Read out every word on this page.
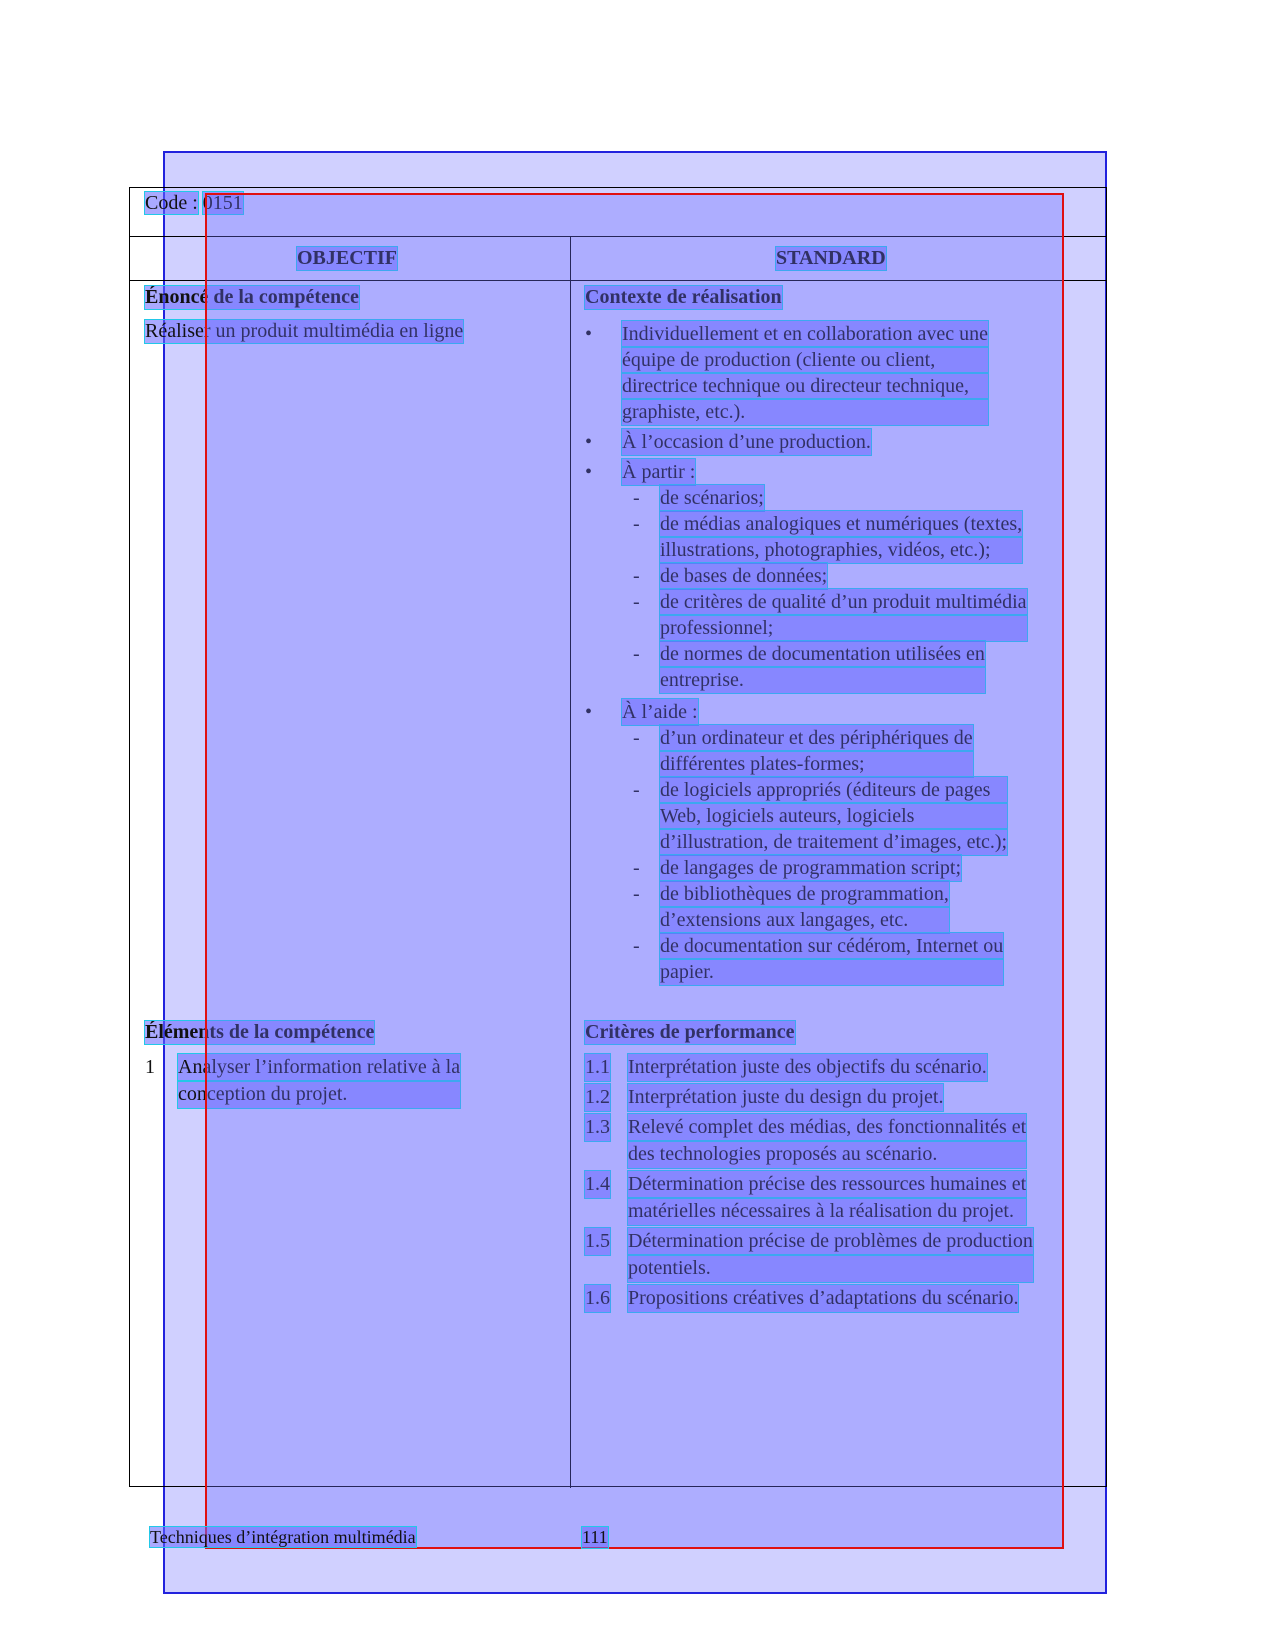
Code : 0151
OBJECTIF	STANDARD
Énoncé de la compétence
Réaliser un produit multimédia en ligne
Contexte de réalisation
• Individuellement et en collaboration avec une
équipe de production (cliente ou client,
directrice technique ou directeur technique,
graphiste, etc.).
• À l’occasion d’une production.
• À partir :
- de scénarios;
- de médias analogiques et numériques (textes,
illustrations, photographies, vidéos, etc.);
- de bases de données;
- de critères de qualité d’un produit multimédia
professionnel;
- de normes de documentation utilisées en
entreprise.
• À l’aide :
- d’un ordinateur et des périphériques de
différentes plates-formes;
- de logiciels appropriés (éditeurs de pages
Web, logiciels auteurs, logiciels
d’illustration, de traitement d’images, etc.);
- de langages de programmation script;
- de bibliothèques de programmation,
d’extensions aux langages, etc.
- de documentation sur cédérom, Internet ou
papier.
Éléments de la compétence
1 Analyser l’information relative à la
conception du projet.
Critères de performance
1.1 Interprétation juste des objectifs du scénario.
1.2 Interprétation juste du design du projet.
1.3 Relevé complet des médias, des fonctionnalités et
des technologies proposés au scénario.
1.4 Détermination précise des ressources humaines et
matérielles nécessaires à la réalisation du projet.
1.5 Détermination précise de problèmes de production
potentiels.
1.6 Propositions créatives d’adaptations du scénario.
Techniques d’intégration multimédia	111
